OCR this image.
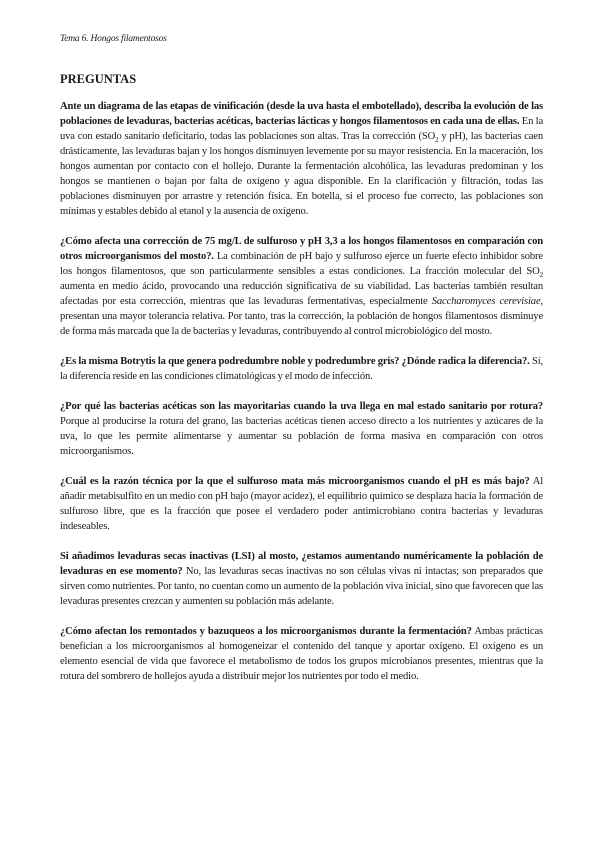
Tema 6. Hongos filamentosos
PREGUNTAS

Ante un diagrama de las etapas de vinificación (desde la uva hasta el embotellado), describa la evolución de las poblaciones de levaduras, bacterias acéticas, bacterias lácticas y hongos filamentosos en cada una de ellas. En la uva con estado sanitario deficitario, todas las poblaciones son altas. Tras la corrección ($SO_2$ y pH), las bacterias caen drásticamente, las levaduras bajan y los hongos disminuyen levemente por su mayor resistencia. En la maceración, los hongos aumentan por contacto con el hollejo. Durante la fermentación alcohólica, las levaduras predominan y los hongos se mantienen o bajan por falta de oxígeno y agua disponible. En la clarificación y filtración, todas las poblaciones disminuyen por arrastre y retención física. En botella, si el proceso fue correcto, las poblaciones son mínimas y estables debido al etanol y la ausencia de oxígeno.

¿Cómo afecta una corrección de 75 mg/L de sulfuroso y pH 3,3 a los hongos filamentosos en comparación con otros microorganismos del mosto?. La combinación de pH bajo y sulfuroso ejerce un fuerte efecto inhibidor sobre los hongos filamentosos, que son particularmente sensibles a estas condiciones. La fracción molecular del $SO_2$ aumenta en medio ácido, provocando una reducción significativa de su viabilidad. Las bacterias también resultan afectadas por esta corrección, mientras que las levaduras fermentativas, especialmente Saccharomyces cerevisiae, presentan una mayor tolerancia relativa. Por tanto, tras la corrección, la población de hongos filamentosos disminuye de forma más marcada que la de bacterias y levaduras, contribuyendo al control microbiológico del mosto.

¿Es la misma Botrytis la que genera podredumbre noble y podredumbre gris? ¿Dónde radica la diferencia?. Sí, la diferencia reside en las condiciones climatológicas y el modo de infección.

¿Por qué las bacterias acéticas son las mayoritarias cuando la uva llega en mal estado sanitario por rotura? Porque al producirse la rotura del grano, las bacterias acéticas tienen acceso directo a los nutrientes y azúcares de la uva, lo que les permite alimentarse y aumentar su población de forma masiva en comparación con otros microorganismos.

¿Cuál es la razón técnica por la que el sulfuroso mata más microorganismos cuando el pH es más bajo? Al añadir metabisulfito en un medio con pH bajo (mayor acidez), el equilibrio químico se desplaza hacia la formación de sulfuroso libre, que es la fracción que posee el verdadero poder antimicrobiano contra bacterias y levaduras indeseables.

Si añadimos levaduras secas inactivas (LSI) al mosto, ¿estamos aumentando numéricamente la población de levaduras en ese momento? No, las levaduras secas inactivas no son células vivas ni intactas; son preparados que sirven como nutrientes. Por tanto, no cuentan como un aumento de la población viva inicial, sino que favorecen que las levaduras presentes crezcan y aumenten su población más adelante.

¿Cómo afectan los remontados y bazuqueos a los microorganismos durante la fermentación? Ambas prácticas benefician a los microorganismos al homogeneizar el contenido del tanque y aportar oxígeno. El oxígeno es un elemento esencial de vida que favorece el metabolismo de todos los grupos microbianos presentes, mientras que la rotura del sombrero de hollejos ayuda a distribuir mejor los nutrientes por todo el medio.
